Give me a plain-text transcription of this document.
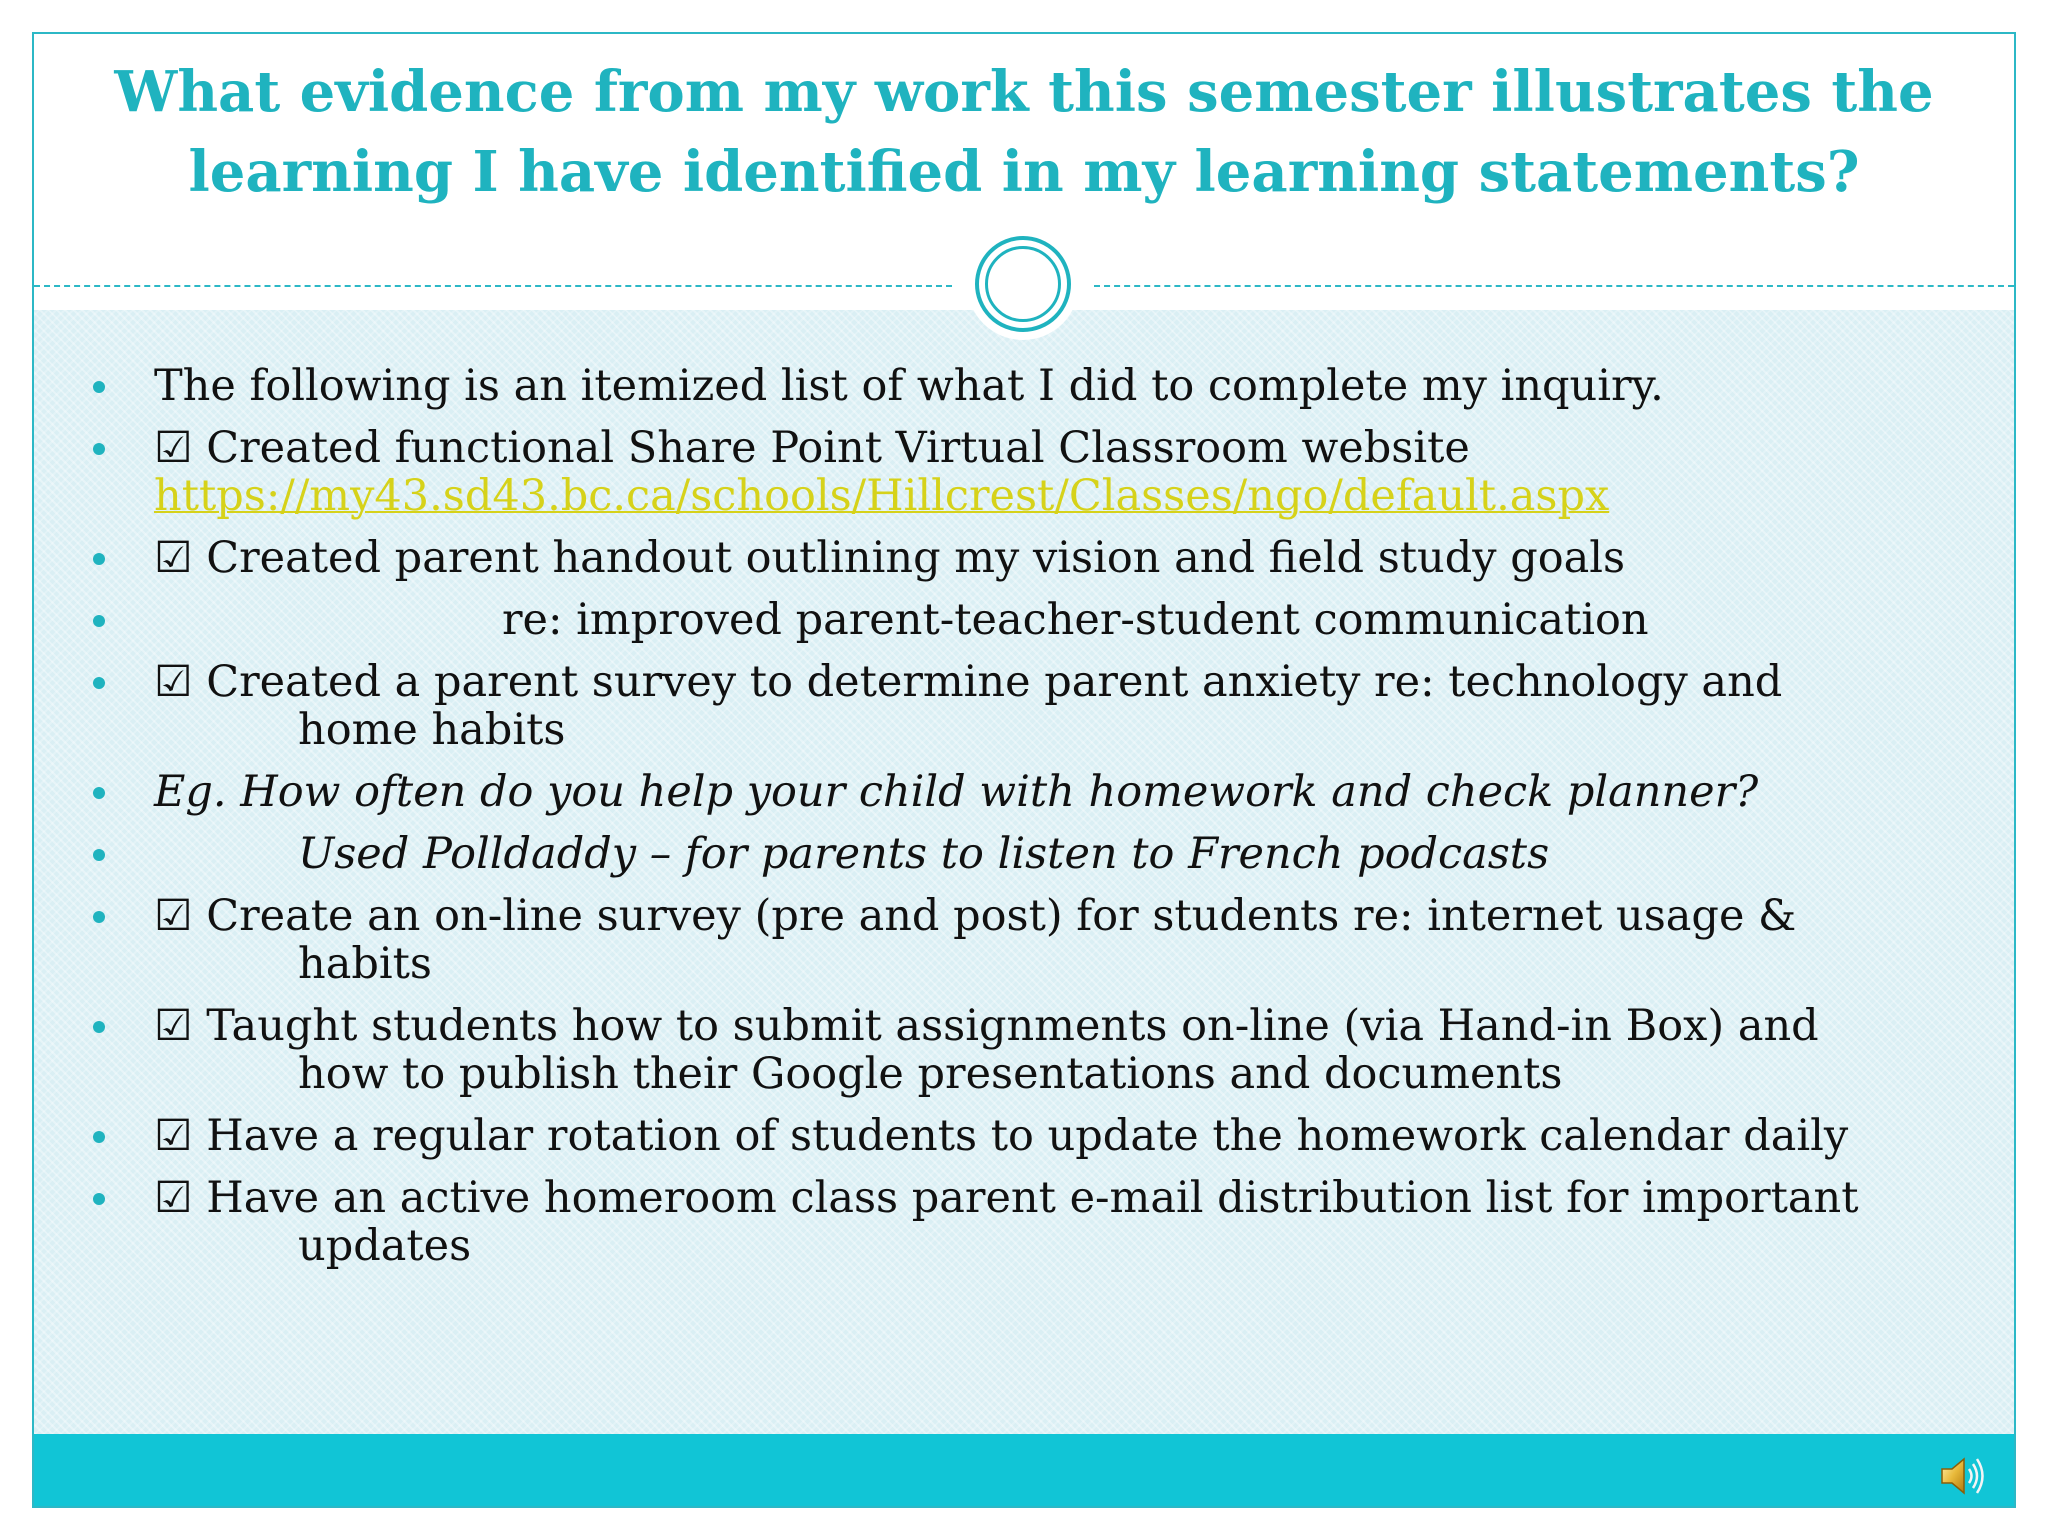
What evidence from my work this semester illustrates the learning I have identified in my learning statements?
The following is an itemized list of what I did to complete my inquiry.
☑ Created functional Share Point Virtual Classroom website
https://my43.sd43.bc.ca/schools/Hillcrest/Classes/ngo/default.aspx
☑ Created parent handout outlining my vision and field study goals
re: improved parent-teacher-student communication
☑ Created a parent survey to determine parent anxiety re: technology and
home habits
Eg. How often do you help your child with homework and check planner?
Used Polldaddy – for parents to listen to French podcasts
☑ Create an on-line survey (pre and post) for students re: internet usage &
habits
☑ Taught students how to submit assignments on-line (via Hand-in Box) and
how to publish their Google presentations and documents
☑ Have a regular rotation of students to update the homework calendar daily
☑ Have an active homeroom class parent e-mail distribution list for important
updates
